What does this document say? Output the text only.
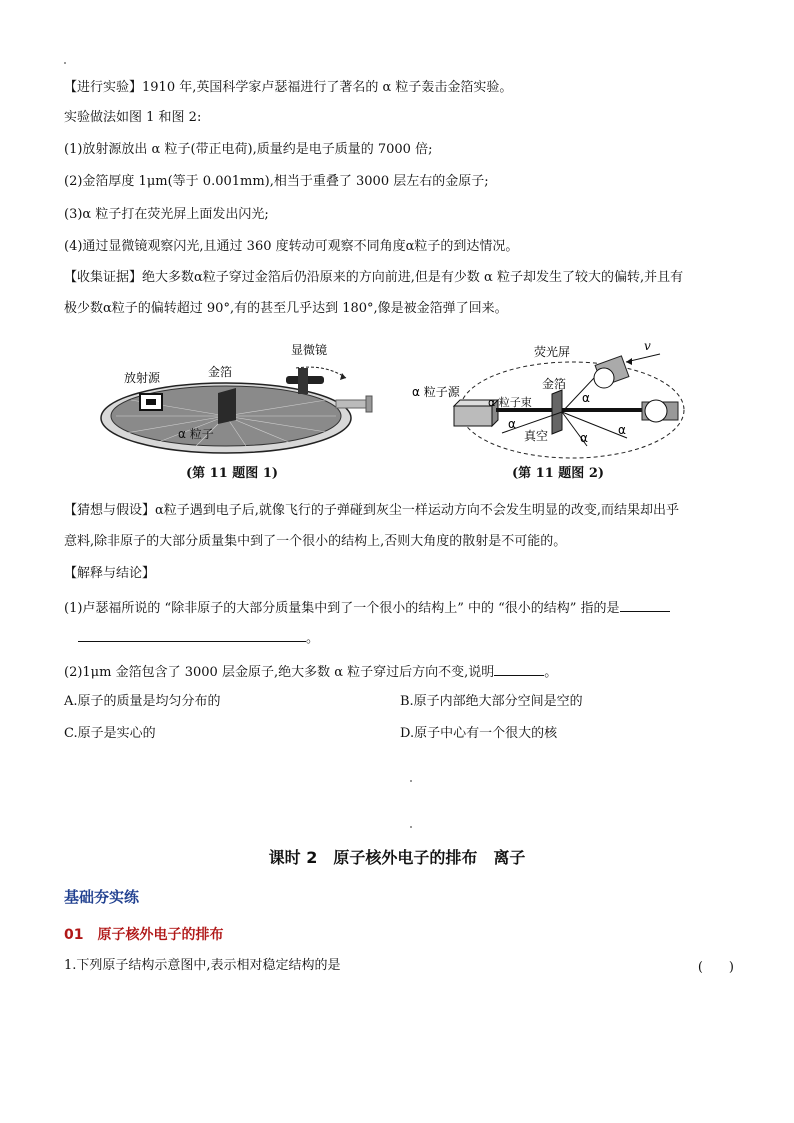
【进行实验】1910 年,英国科学家卢瑟福进行了著名的 α 粒子轰击金箔实验。
实验做法如图 1 和图 2:
(1)放射源放出 α 粒子(带正电荷),质量约是电子质量的 7000 倍;
(2)金箔厚度 1μm(等于 0.001mm),相当于重叠了 3000 层左右的金原子;
(3)α 粒子打在荧光屏上面发出闪光;
(4)通过显微镜观察闪光,且通过 360 度转动可观察不同角度α粒子的到达情况。
【收集证据】绝大多数α粒子穿过金箔后仍沿原来的方向前进,但是有少数 α 粒子却发生了较大的偏转,并且有
极少数α粒子的偏转超过 90°,有的甚至几乎达到 180°,像是被金箔弹了回来。
放射源	金箔
显微镜
α 粒子
(第 11 题图 1)
荧光屏
α 粒子源
金箔
α 粒子束
真空
α
α
α
α
v
(第 11 题图 2)
【猜想与假设】α粒子遇到电子后,就像飞行的子弹碰到灰尘一样运动方向不会发生明显的改变,而结果却出乎
意料,除非原子的大部分质量集中到了一个很小的结构上,否则大角度的散射是不可能的。
【解释与结论】
(1)卢瑟福所说的 “除非原子的大部分质量集中到了一个很小的结构上” 中的 “很小的结构” 指的是
。
(2)1μm 金箔包含了 3000 层金原子,绝大多数 α 粒子穿过后方向不变,说明	。
A.原子的质量是均匀分布的	B.原子内部绝大部分空间是空的
C.原子是实心的	D.原子中心有一个很大的核
课时 2　原子核外电子的排布　离子
基础夯实练
01 原子核外电子的排布
1.下列原子结构示意图中,表示相对稳定结构的是	(　　)
